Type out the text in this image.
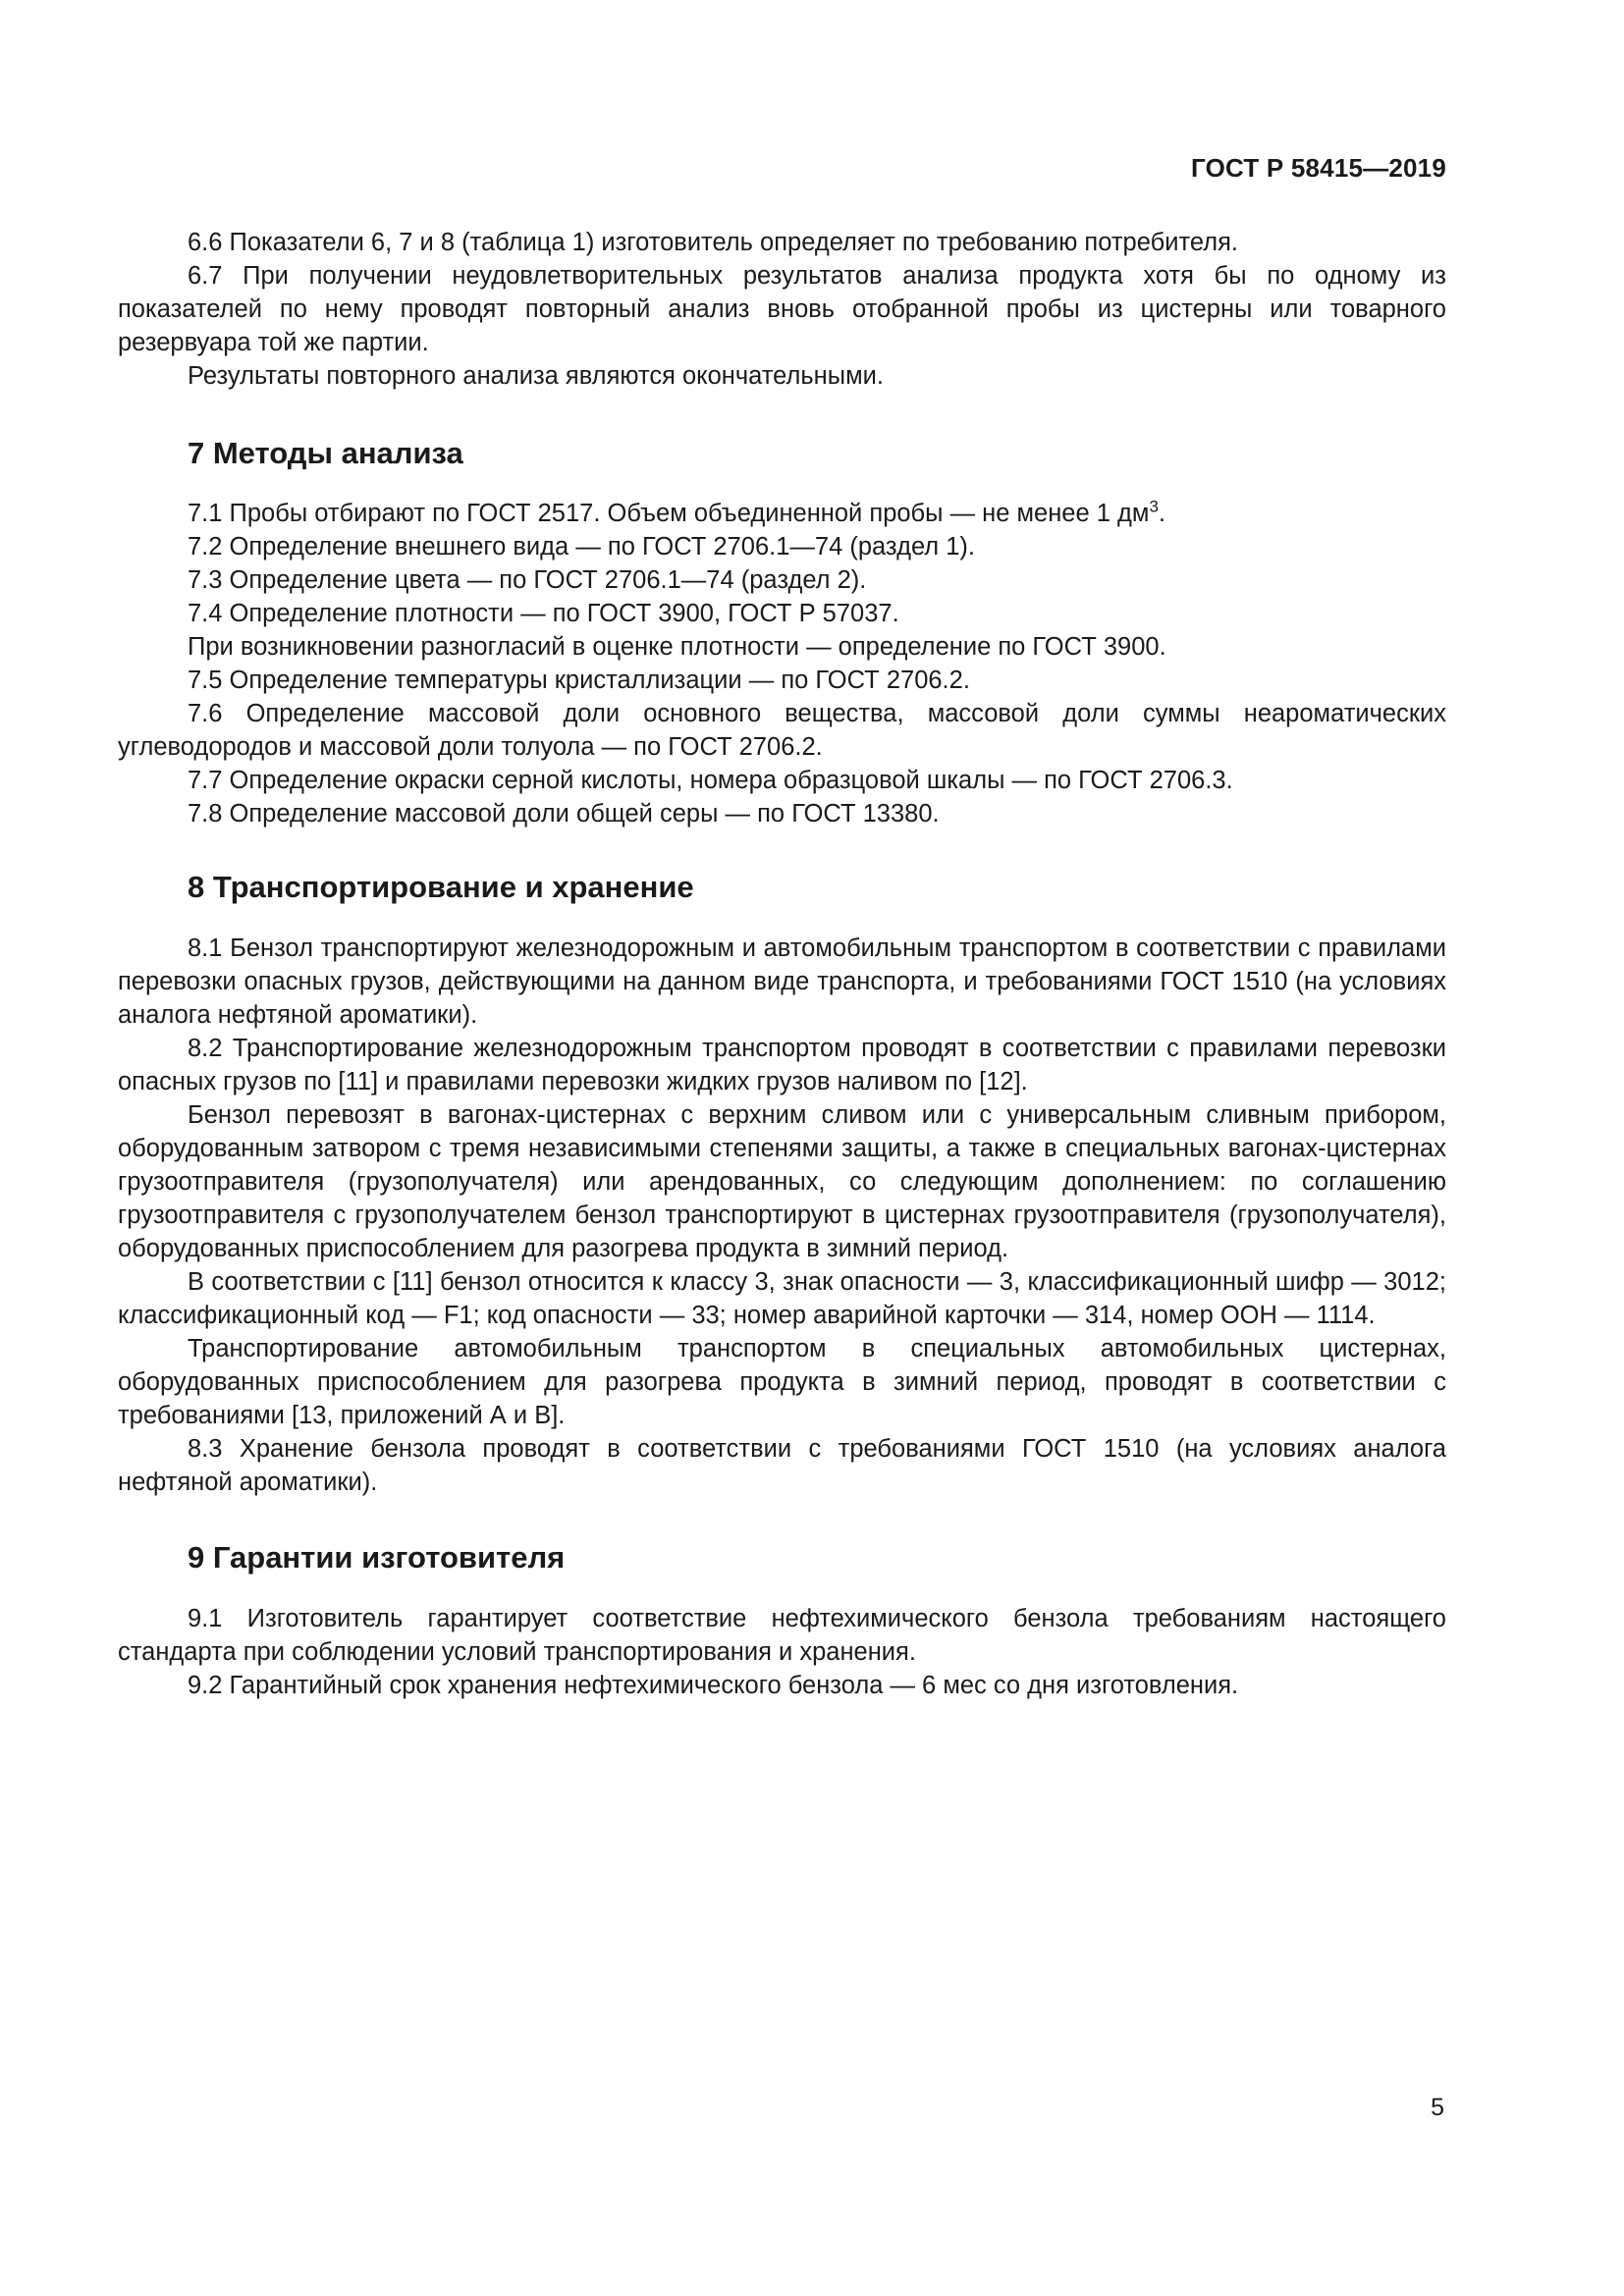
ГОСТ Р 58415—2019

6.6 Показатели 6, 7 и 8 (таблица 1) изготовитель определяет по требованию потребителя.

6.7 При получении неудовлетворительных результатов анализа продукта хотя бы по одному из показателей по нему проводят повторный анализ вновь отобранной пробы из цистерны или товарного резервуара той же партии.

Результаты повторного анализа являются окончательными.

7 Методы анализа

7.1 Пробы отбирают по ГОСТ 2517. Объем объединенной пробы — не менее 1 $дм^3$.

7.2 Определение внешнего вида — по ГОСТ 2706.1—74 (раздел 1).

7.3 Определение цвета — по ГОСТ 2706.1—74 (раздел 2).

7.4 Определение плотности — по ГОСТ 3900, ГОСТ Р 57037.

При возникновении разногласий в оценке плотности — определение по ГОСТ 3900.

7.5 Определение температуры кристаллизации — по ГОСТ 2706.2.

7.6 Определение массовой доли основного вещества, массовой доли суммы неароматических углеводородов и массовой доли толуола — по ГОСТ 2706.2.

7.7 Определение окраски серной кислоты, номера образцовой шкалы — по ГОСТ 2706.3.

7.8 Определение массовой доли общей серы — по ГОСТ 13380.

8 Транспортирование и хранение

8.1 Бензол транспортируют железнодорожным и автомобильным транспортом в соответствии с правилами перевозки опасных грузов, действующими на данном виде транспорта, и требованиями ГОСТ 1510 (на условиях аналога нефтяной ароматики).

8.2 Транспортирование железнодорожным транспортом проводят в соответствии с правилами перевозки опасных грузов по [11] и правилами перевозки жидких грузов наливом по [12].

Бензол перевозят в вагонах-цистернах с верхним сливом или с универсальным сливным прибором, оборудованным затвором с тремя независимыми степенями защиты, а также в специальных вагонах-цистернах грузоотправителя (грузополучателя) или арендованных, со следующим дополнением: по соглашению грузоотправителя с грузополучателем бензол транспортируют в цистернах грузоотправителя (грузополучателя), оборудованных приспособлением для разогрева продукта в зимний период.

В соответствии с [11] бензол относится к классу 3, знак опасности — 3, классификационный шифр — 3012; классификационный код — F1; код опасности — 33; номер аварийной карточки — 314, номер ООН — 1114.

Транспортирование автомобильным транспортом в специальных автомобильных цистернах, оборудованных приспособлением для разогрева продукта в зимний период, проводят в соответствии с требованиями [13, приложений А и В].

8.3 Хранение бензола проводят в соответствии с требованиями ГОСТ 1510 (на условиях аналога нефтяной ароматики).

9 Гарантии изготовителя

9.1 Изготовитель гарантирует соответствие нефтехимического бензола требованиям настоящего стандарта при соблюдении условий транспортирования и хранения.

9.2 Гарантийный срок хранения нефтехимического бензола — 6 мес со дня изготовления.

5
